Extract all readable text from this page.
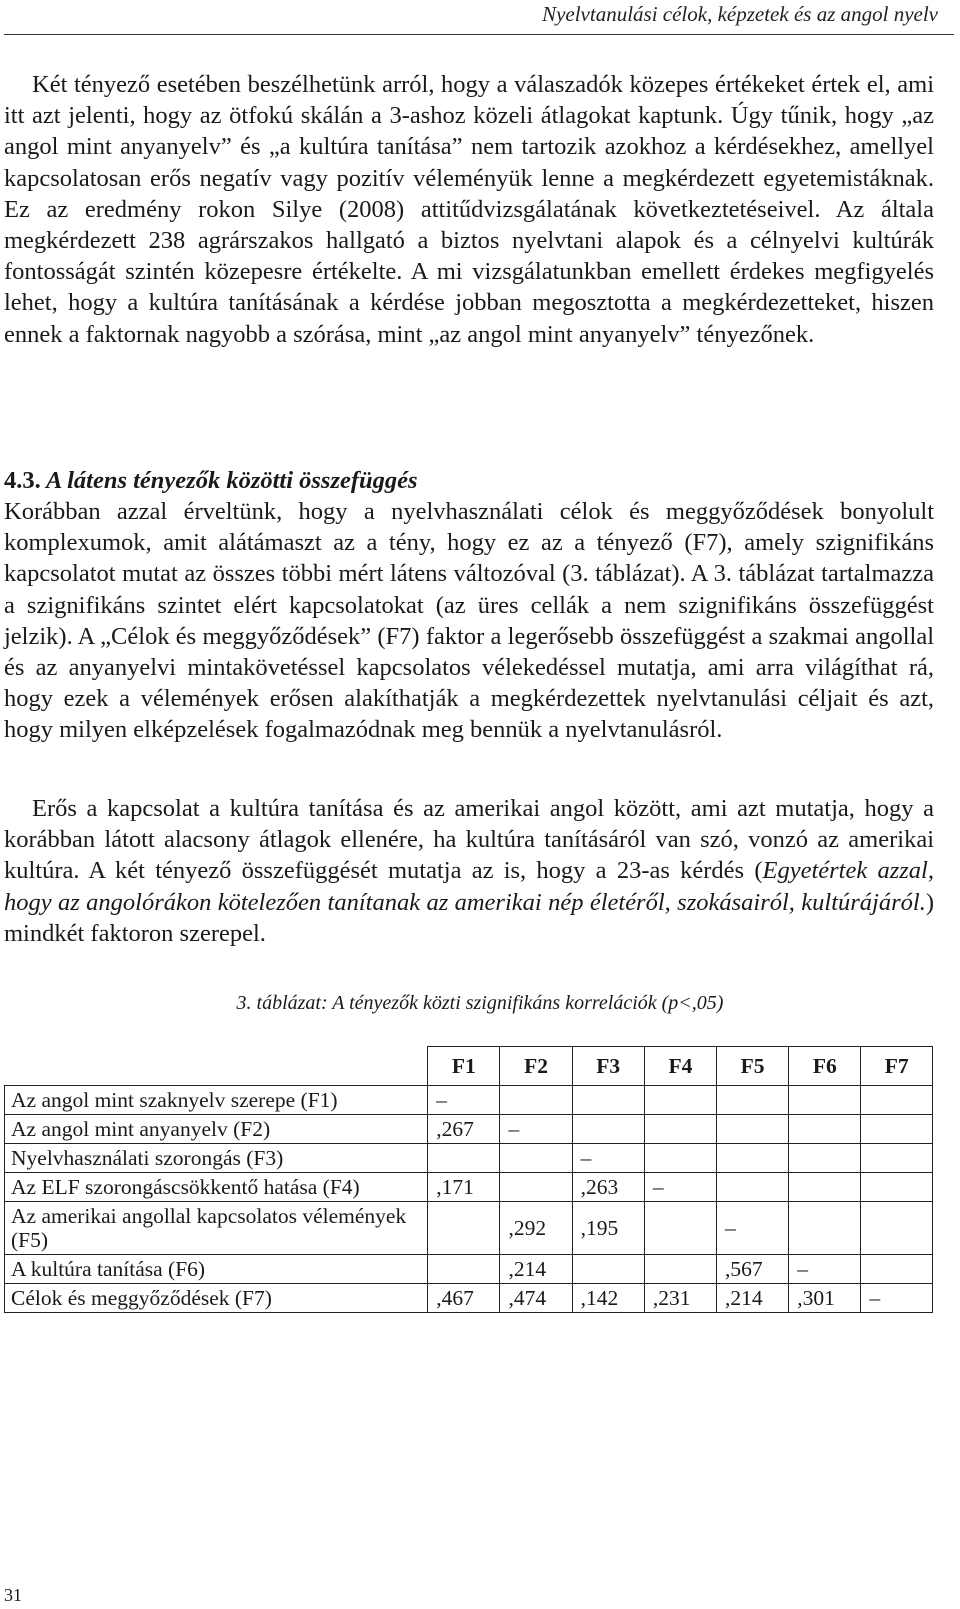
Nyelvtanulási célok, képzetek és az angol nyelv

Két tényező esetében beszélhetünk arról, hogy a válaszadók közepes értékeket értek el, ami itt azt jelenti, hogy az ötfokú skálán a 3-ashoz közeli átlagokat kaptunk. Úgy tűnik, hogy „az angol mint anyanyelv” és „a kultúra tanítása” nem tartozik azokhoz a kérdésekhez, amellyel kapcsolatosan erős negatív vagy pozitív véleményük lenne a megkérdezett egyetemistáknak. Ez az eredmény rokon Silye (2008) attitűdvizsgálatának következtetéseivel. Az általa megkérdezett 238 agrárszakos hallgató a biztos nyelvtani alapok és a célnyelvi kultúrák fontosságát szintén közepesre értékelte. A mi vizsgálatunkban emellett érdekes megfigyelés lehet, hogy a kultúra tanításának a kérdése jobban megosztotta a megkérdezetteket, hiszen ennek a faktornak nagyobb a szórása, mint „az angol mint anyanyelv” tényezőnek.

4.3. A látens tényezők közötti összefüggés

Korábban azzal érveltünk, hogy a nyelvhasználati célok és meggyőződések bonyolult komplexumok, amit alátámaszt az a tény, hogy ez az a tényező (F7), amely szignifikáns kapcsolatot mutat az összes többi mért látens változóval (3. táblázat). A 3. táblázat tartalmazza a szignifikáns szintet elért kapcsolatokat (az üres cellák a nem szignifikáns összefüggést jelzik). A „Célok és meggyőződések” (F7) faktor a legerősebb összefüggést a szakmai angollal és az anyanyelvi mintakövetéssel kapcsolatos vélekedéssel mutatja, ami arra világíthat rá, hogy ezek a vélemények erősen alakíthatják a megkérdezettek nyelvtanulási céljait és azt, hogy milyen elképzelések fogalmazódnak meg bennük a nyelvtanulásról.

Erős a kapcsolat a kultúra tanítása és az amerikai angol között, ami azt mutatja, hogy a korábban látott alacsony átlagok ellenére, ha kultúra tanításáról van szó, vonzó az amerikai kultúra. A két tényező összefüggését mutatja az is, hogy a 23-as kérdés (Egyetértek azzal, hogy az angolórákon kötelezően tanítanak az amerikai nép életéről, szokásairól, kultúrájáról.) mindkét faktoron szerepel.

3. táblázat: A tényezők közti szignifikáns korrelációk (p<,05)
	F1	F2	F3	F4	F5	F6	F7
Az angol mint szaknyelv szerepe (F1)	–						
Az angol mint anyanyelv (F2)	,267	–					
Nyelvhasználati szorongás (F3)			–				
Az ELF szorongáscsökkentő hatása (F4)	,171		,263	–			
Az amerikai angollal kapcsolatos vélemények (F5)		,292	,195		–		
A kultúra tanítása (F6)		,214			,567	–	
Célok és meggyőződések (F7)	,467	,474	,142	,231	,214	,301	–
31
